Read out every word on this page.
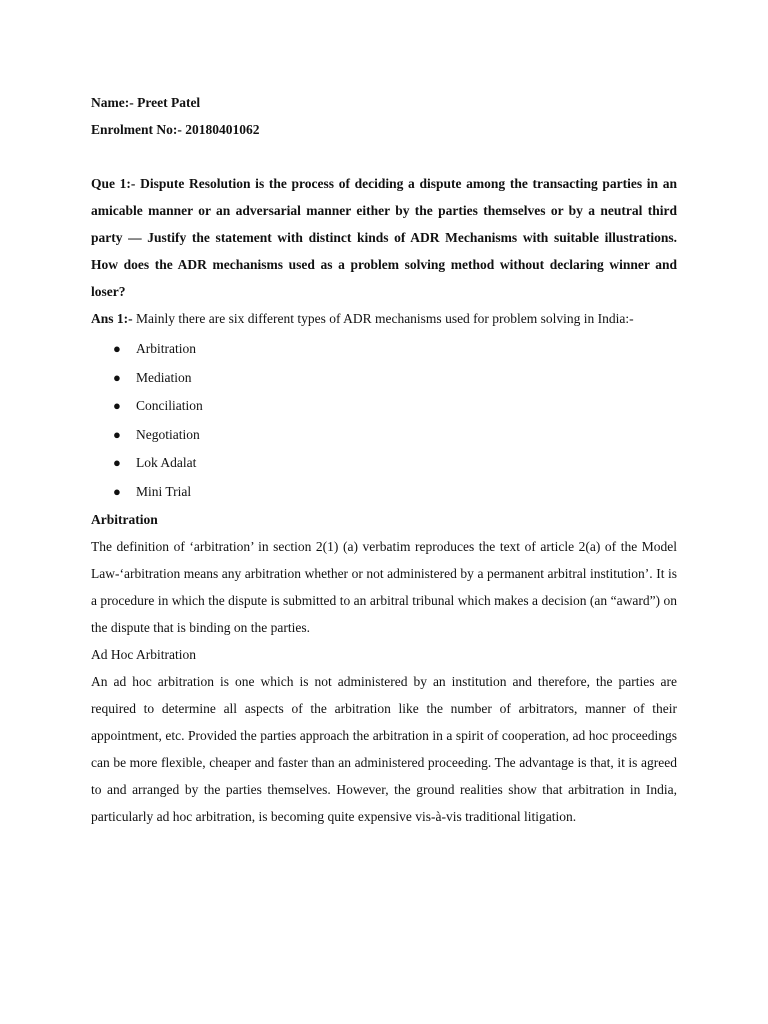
Name:- Preet Patel

Enrolment No:- 20180401062

Que 1:- Dispute Resolution is the process of deciding a dispute among the transacting parties in an amicable manner or an adversarial manner either by the parties themselves or by a neutral third party — Justify the statement with distinct kinds of ADR Mechanisms with suitable illustrations. How does the ADR mechanisms used as a problem solving method without declaring winner and loser?

Ans 1:- Mainly there are six different types of ADR mechanisms used for problem solving in India:-

● Arbitration
● Mediation
● Conciliation
● Negotiation
● Lok Adalat
● Mini Trial

Arbitration

The definition of ‘arbitration’ in section 2(1) (a) verbatim reproduces the text of article 2(a) of the Model Law-‘arbitration means any arbitration whether or not administered by a permanent arbitral institution’. It is a procedure in which the dispute is submitted to an arbitral tribunal which makes a decision (an “award”) on the dispute that is binding on the parties.

Ad Hoc Arbitration

An ad hoc arbitration is one which is not administered by an institution and therefore, the parties are required to determine all aspects of the arbitration like the number of arbitrators, manner of their appointment, etc. Provided the parties approach the arbitration in a spirit of cooperation, ad hoc proceedings can be more flexible, cheaper and faster than an administered proceeding. The advantage is that, it is agreed to and arranged by the parties themselves. However, the ground realities show that arbitration in India, particularly ad hoc arbitration, is becoming quite expensive vis-à-vis traditional litigation.
